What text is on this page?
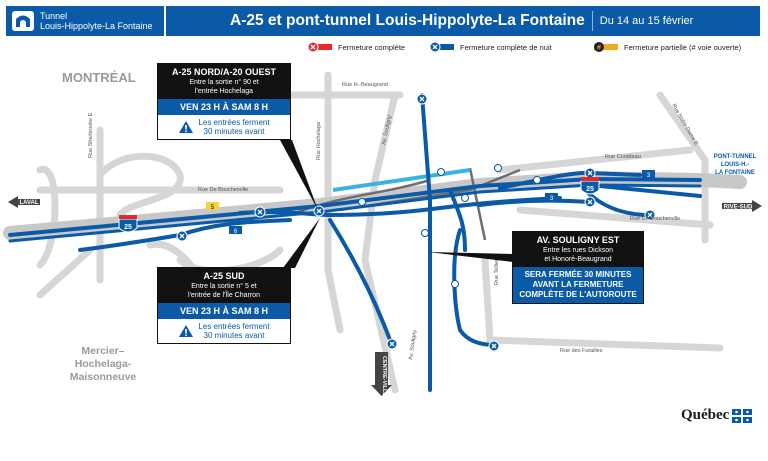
Tunnel
Louis-Hippolyte-La Fontaine	A-25 et pont-tunnel Louis-Hippolyte-La Fontaine Du 14 au 15 février
Fermeture complète	Fermeture complète de nuit	#	Fermeture partielle (# voie ouverte)
25
25
5
6
3
3
LAVAL
RIVE-SUD
CENTRE-VILLE
MONTRÉAL
Mercier–
Hochelaga-
Maisonneuve
PONT-TUNNEL
LOUIS-H.-
LA FONTAINE
Rue H.-Beaugrand
Rue Sherbrooke E.	Rue Hochelaga	Av. Souligny
Av. Souligny
Rue De Boucherville
Rue De Boucherville
Rue Curatteau
Rue Notre-Dame E.
Rue Tellier
Rue des Futailles
A-25 NORD/A-20 OUEST
Entre la sortie n° 90 et
l'entrée Hochelaga
VEN 23 H À SAM 8 H
Les entrées ferment
30 minutes avant
A-25 SUD
Entre la sortie n° 5 et
l'entrée de l'Île Charron
VEN 23 H À SAM 8 H
Les entrées ferment
30 minutes avant
AV. SOULIGNY EST
Entre les rues Dickson
et Honoré-Beaugrand
SERA FERMÉE 30 MINUTES
AVANT LA FERMETURE
COMPLÈTE DE L'AUTOROUTE
Québec
